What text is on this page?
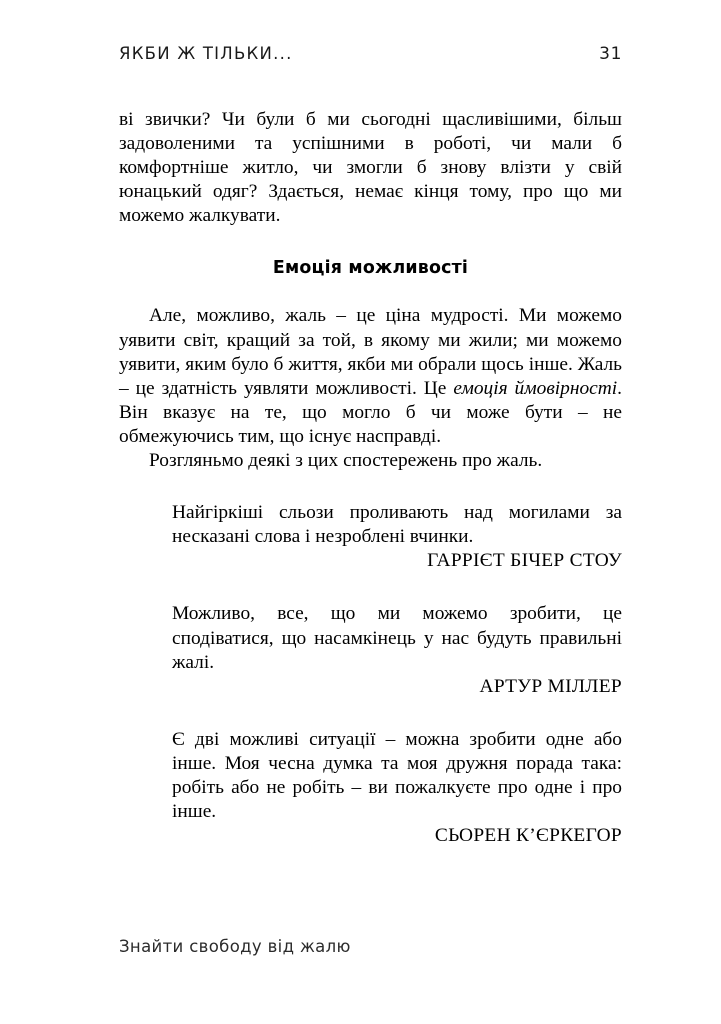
ЯКБИ Ж ТІЛЬКИ...	31

ві звички? Чи були б ми сьогодні щасливішими, більш задоволеними та успішними в роботі, чи мали б комфортніше житло, чи змогли б знову влізти у свій юнацький одяг? Здається, немає кінця тому, про що ми можемо жалкувати.

Емоція можливості

Але, можливо, жаль – це ціна мудрості. Ми можемо уявити світ, кращий за той, в якому ми жили; ми можемо уявити, яким було б життя, якби ми обрали щось інше. Жаль – це здатність уявляти можливості. Це емоція ймовірності. Він вказує на те, що могло б чи може бути – не обмежуючись тим, що існує насправді.

Розгляньмо деякі з цих спостережень про жаль.

Найгіркіші сльози проливають над могилами за несказані слова і незроблені вчинки.

ГАРРІЄТ БІЧЕР СТОУ

Можливо, все, що ми можемо зробити, це сподіватися, що насамкінець у нас будуть правильні жалі.

АРТУР МІЛЛЕР

Є дві можливі ситуації – можна зробити одне або інше. Моя чесна думка та моя дружня порада така: робіть або не робіть – ви пожалкуєте про одне і про інше.

СЬОРЕН К’ЄРКЕГОР

Знайти свободу від жалю
